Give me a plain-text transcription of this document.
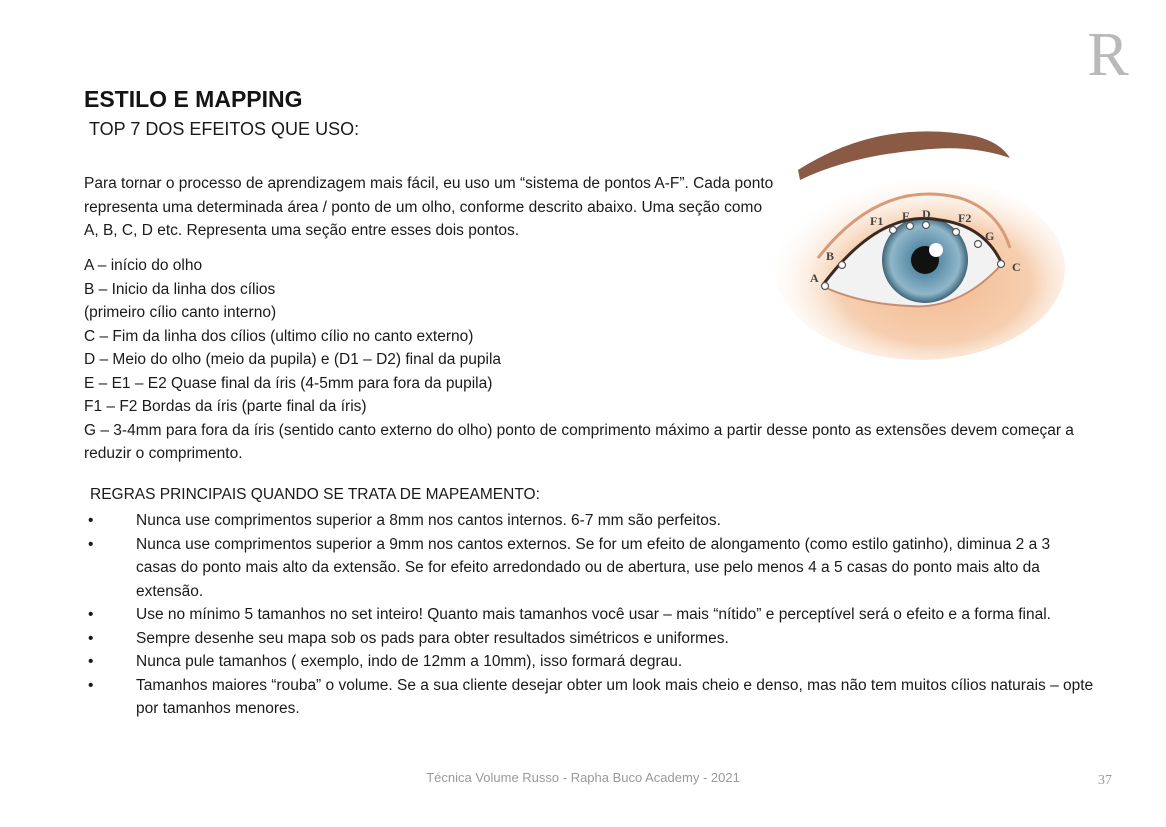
R
ESTILO E MAPPING
TOP 7 DOS EFEITOS QUE USO:

Para tornar o processo de aprendizagem mais fácil, eu uso um “sistema de pontos A-F”. Cada ponto representa uma determinada área / ponto de um olho, conforme descrito abaixo. Uma seção como A, B, C, D etc. Representa uma seção entre esses dois pontos.

A – início do olho
B – Inicio da linha dos cílios
(primeiro cílio canto interno)
C – Fim da linha dos cílios (ultimo cílio no canto externo)
D – Meio do olho (meio da pupila) e (D1 – D2) final da pupila
E – E1 – E2 Quase final da íris (4-5mm para fora da pupila)
F1 – F2 Bordas da íris (parte final da íris)
G – 3-4mm para fora da íris (sentido canto externo do olho) ponto de comprimento máximo a partir desse ponto as extensões devem começar a reduzir o comprimento.
REGRAS PRINCIPAIS QUANDO SE TRATA DE MAPEAMENTO:
•	Nunca use comprimentos superior a 8mm nos cantos internos. 6-7 mm são perfeitos.
•	Nunca use comprimentos superior a 9mm nos cantos externos. Se for um efeito de alongamento (como estilo gatinho), diminua 2 a 3 casas do ponto mais alto da extensão. Se for efeito arredondado ou de abertura, use pelo menos 4 a 5 casas do ponto mais alto da extensão.
•	Use no mínimo 5 tamanhos no set inteiro! Quanto mais tamanhos você usar – mais “nítido” e perceptível será o efeito e a forma final.
•	Sempre desenhe seu mapa sob os pads para obter resultados simétricos e uniformes.
•	Nunca pule tamanhos ( exemplo, indo de 12mm a 10mm), isso formará degrau.
•	Tamanhos maiores “rouba” o volume. Se a sua cliente desejar obter um look mais cheio e denso, mas não tem muitos cílios naturais – opte por tamanhos menores.
A
B
F1 E D F2
G
C
Técnica Volume Russo - Rapha Buco Academy - 2021	37
